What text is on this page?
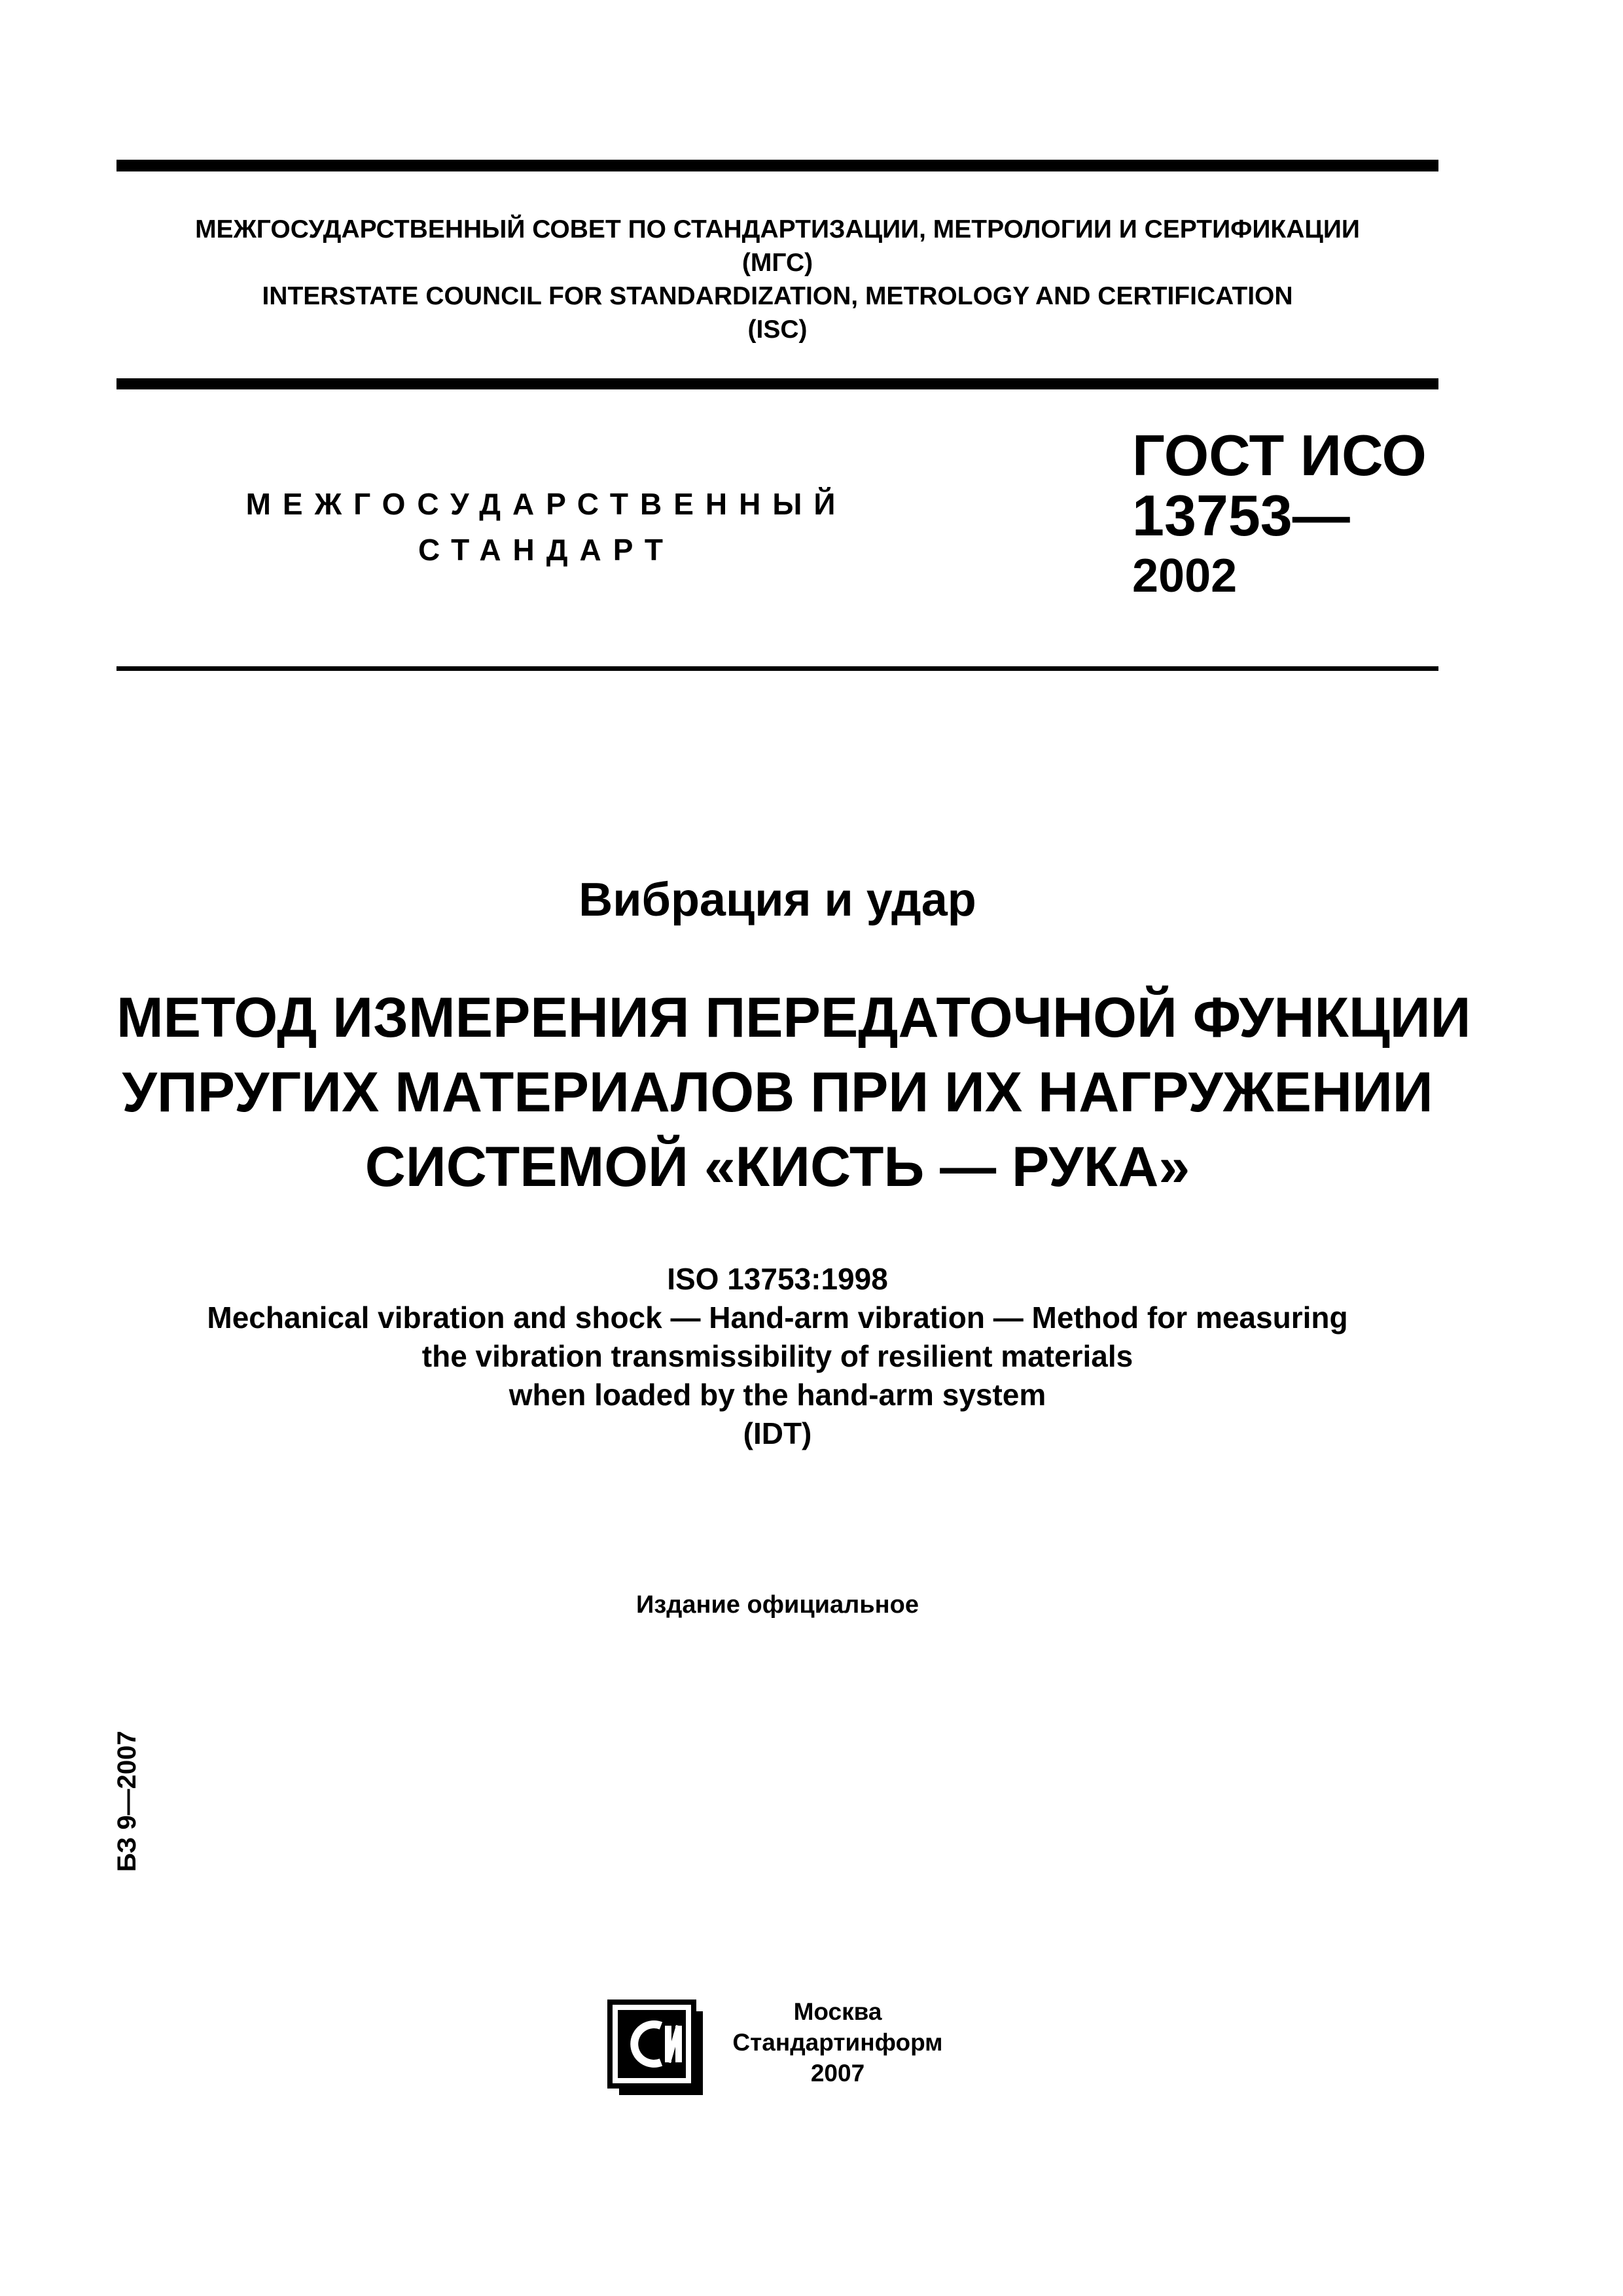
МЕЖГОСУДАРСТВЕННЫЙ СОВЕТ ПО СТАНДАРТИЗАЦИИ, МЕТРОЛОГИИ И СЕРТИФИКАЦИИ
(МГС)
INTERSTATE COUNCIL FOR STANDARDIZATION, METROLOGY AND CERTIFICATION
(ISC)
МЕЖГОСУДАРСТВЕННЫЙ
СТАНДАРТ
ГОСТ ИСО
13753—
2002
Вибрация и удар
МЕТОД ИЗМЕРЕНИЯ ПЕРЕДАТОЧНОЙ ФУНКЦИИ
УПРУГИХ МАТЕРИАЛОВ ПРИ ИХ НАГРУЖЕНИИ
СИСТЕМОЙ «КИСТЬ — РУКА»
ISO 13753:1998
Mechanical vibration and shock — Hand-arm vibration — Method for measuring
the vibration transmissibility of resilient materials
when loaded by the hand-arm system
(IDT)
Издание официальное
БЗ 9—2007
Москва
Стандартинформ
2007
